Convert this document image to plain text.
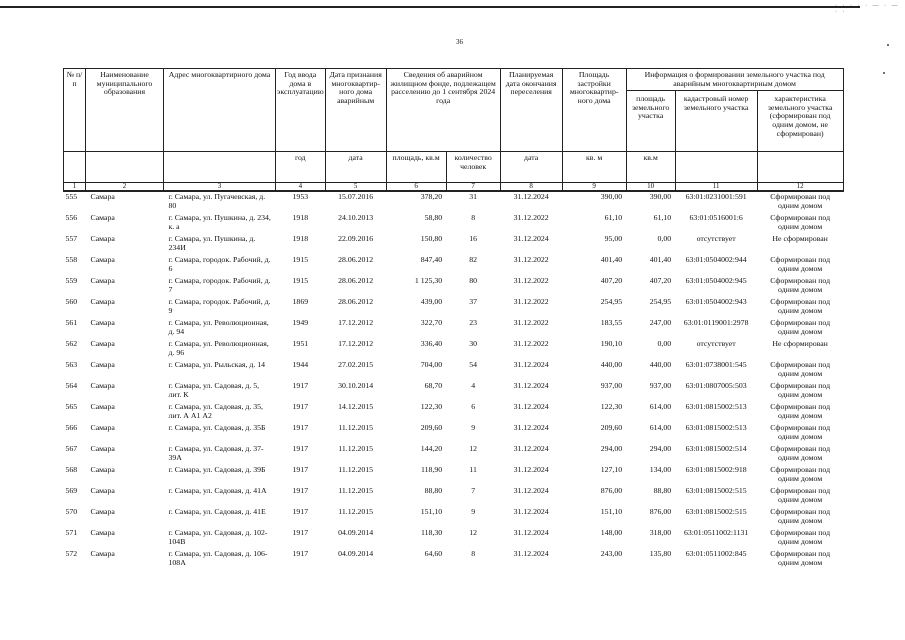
· · · · · — · — · ·
36
№ п/п	Наименование муниципального образования	Адрес многоквартирного дома	Год ввода дома в эксплуатацию	Дата признания многоквартир-ного дома аварийным	Сведения об аварийном жилищном фонде, подлежащем расселению до 1 сентября 2024 года		Планируемая дата окончания переселения	Площадь застройки многоквартир-ного дома	Информация о формировании земельного участка под аварийным многоквартирным домом		
									площадь земельного участка	кадастровый номер земельного участка	характеристика земельного участка (сформирован под одним домом, не сформирован)
			год	дата	площадь, кв.м	количество человек	дата	кв. м	кв.м		
1	2	3	4	5	6	7	8	9	10	11	12
555	Самара	г. Самара, ул. Пугачевская, д. 80	1953	15.07.2016	378,20	31	31.12.2024	390,00	390,00	63:01:0231001:591	Сформирован под одним домом
556	Самара	г. Самара, ул. Пушкина, д. 234, к. а	1918	24.10.2013	58,80	8	31.12.2022	61,10	61,10	63:01:0516001:6	Сформирован под одним домом
557	Самара	г. Самара, ул. Пушкина, д. 234И	1918	22.09.2016	150,80	16	31.12.2024	95,00	0,00	отсутствует	Не сформирован
558	Самара	г. Самара, городок. Рабочий, д. 6	1915	28.06.2012	847,40	82	31.12.2022	401,40	401,40	63:01:0504002:944	Сформирован под одним домом
559	Самара	г. Самара, городок. Рабочий, д. 7	1915	28.06.2012	1 125,30	80	31.12.2022	407,20	407,20	63:01:0504002:945	Сформирован под одним домом
560	Самара	г. Самара, городок. Рабочий, д. 9	1869	28.06.2012	439,00	37	31.12.2022	254,95	254,95	63:01:0504002:943	Сформирован под одним домом
561	Самара	г. Самара, ул. Революционная, д. 94	1949	17.12.2012	322,70	23	31.12.2022	183,55	247,00	63:01:0119001:2978	Сформирован под одним домом
562	Самара	г. Самара, ул. Революционная, д. 96	1951	17.12.2012	336,40	30	31.12.2022	190,10	0,00	отсутствует	Не сформирован
563	Самара	г. Самара, ул. Рыльская, д. 14	1944	27.02.2015	704,00	54	31.12.2024	440,00	440,00	63:01:0738001:545	Сформирован под одним домом
564	Самара	г. Самара, ул. Садовая, д. 5, лит. К	1917	30.10.2014	68,70	4	31.12.2024	937,00	937,00	63:01:0807005:503	Сформирован под одним домом
565	Самара	г. Самара, ул. Садовая, д. 35, лит. А А1 А2	1917	14.12.2015	122,30	6	31.12.2024	122,30	614,00	63:01:0815002:513	Сформирован под одним домом
566	Самара	г. Самара, ул. Садовая, д. 35Б	1917	11.12.2015	209,60	9	31.12.2024	209,60	614,00	63:01:0815002:513	Сформирован под одним домом
567	Самара	г. Самара, ул. Садовая, д. 37-39А	1917	11.12.2015	144,20	12	31.12.2024	294,00	294,00	63:01:0815002:514	Сформирован под одним домом
568	Самара	г. Самара, ул. Садовая, д. 39Б	1917	11.12.2015	118,90	11	31.12.2024	127,10	134,00	63:01:0815002:918	Сформирован под одним домом
569	Самара	г. Самара, ул. Садовая, д. 41А	1917	11.12.2015	88,80	7	31.12.2024	876,00	88,80	63:01:0815002:515	Сформирован под одним домом
570	Самара	г. Самара, ул. Садовая, д. 41Е	1917	11.12.2015	151,10	9	31.12.2024	151,10	876,00	63:01:0815002:515	Сформирован под одним домом
571	Самара	г. Самара, ул. Садовая, д. 102-104В	1917	04.09.2014	118,30	12	31.12.2024	148,00	318,00	63:01:0511002:1131	Сформирован под одним домом
572	Самара	г. Самара, ул. Садовая, д. 106-108А	1917	04.09.2014	64,60	8	31.12.2024	243,00	135,80	63:01:0511002:845	Сформирован под одним домом
